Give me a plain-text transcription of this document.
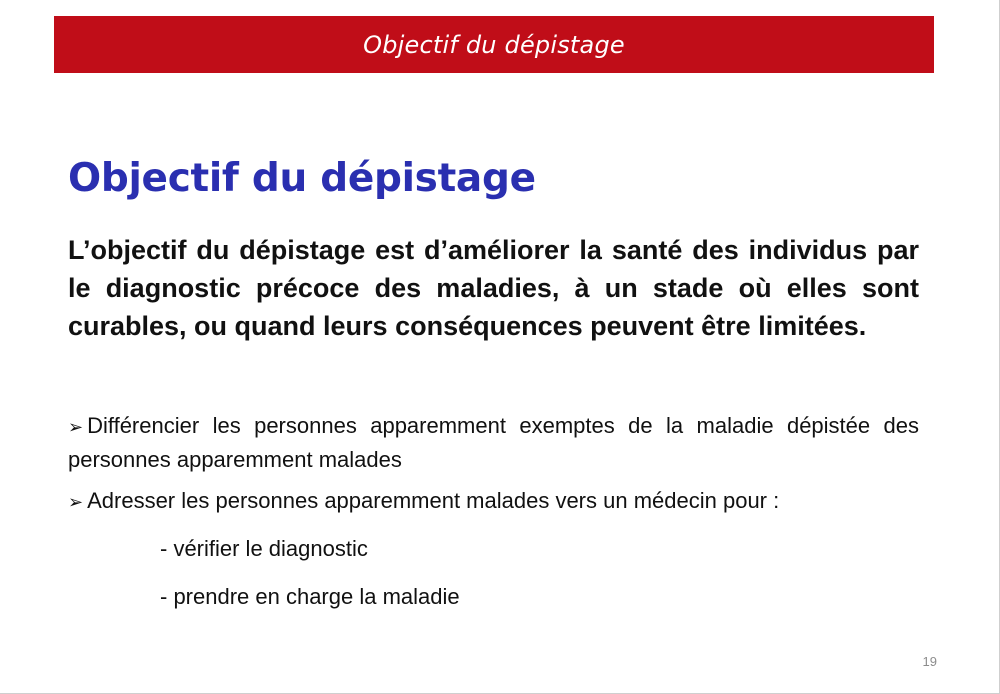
Objectif du dépistage
Objectif du dépistage

L’objectif du dépistage est d’améliorer la santé des individus par le diagnostic précoce des maladies, à un stade où elles sont curables, ou quand leurs conséquences peuvent être limitées.

➢ Différencier les personnes apparemment exemptes de la maladie dépistée des personnes apparemment malades

➢ Adresser les personnes apparemment malades vers un médecin pour :

- vérifier le diagnostic

- prendre en charge la maladie

19
